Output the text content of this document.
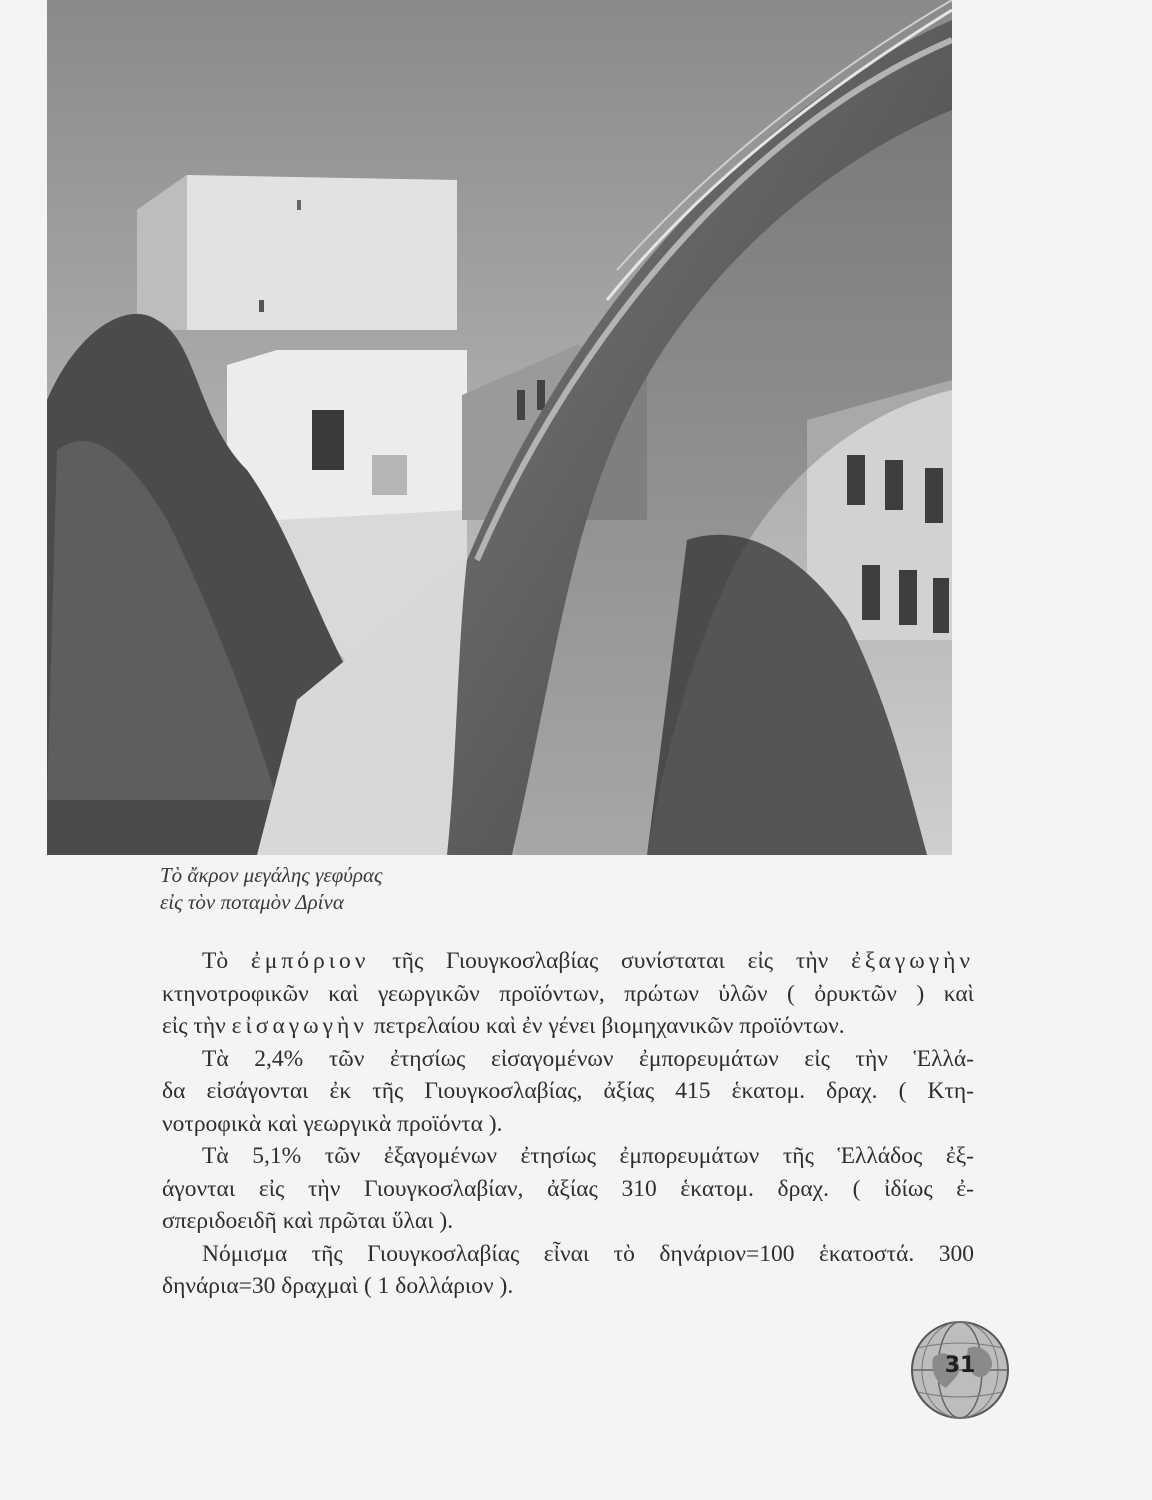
Τὸ ἄκρον μεγάλης γεφύρας
εἰς τὸν ποταμὸν Δρίνα
Τὸ ἐμπόριον τῆς Γιουγκοσλαβίας συνίσταται εἰς τὴν ἐξαγωγὴν
κτηνοτροφικῶν καὶ γεωργικῶν προϊόντων, πρώτων ὑλῶν ( ὀρυκτῶν ) καὶ
εἰς τὴν εἰσαγωγὴν πετρελαίου καὶ ἐν γένει βιομηχανικῶν προϊόντων.
Τὰ 2,4% τῶν ἐτησίως εἰσαγομένων ἐμπορευμάτων εἰς τὴν Ἑλλά-
δα εἰσάγονται ἐκ τῆς Γιουγκοσλαβίας, ἀξίας 415 ἑκατομ. δραχ. ( Κτη-
νοτροφικὰ καὶ γεωργικὰ προϊόντα ).
Τὰ 5,1% τῶν ἐξαγομένων ἐτησίως ἐμπορευμάτων τῆς Ἑλλάδος ἐξ-
άγονται εἰς τὴν Γιουγκοσλαβίαν, ἀξίας 310 ἑκατομ. δραχ. ( ἰδίως ἐ-
σπεριδοειδῆ καὶ πρῶται ὕλαι ).
Νόμισμα τῆς Γιουγκοσλαβίας εἶναι τὸ δηνάριον=100 ἑκατοστά. 300
δηνάρια=30 δραχμαὶ ( 1 δολλάριον ).
31
